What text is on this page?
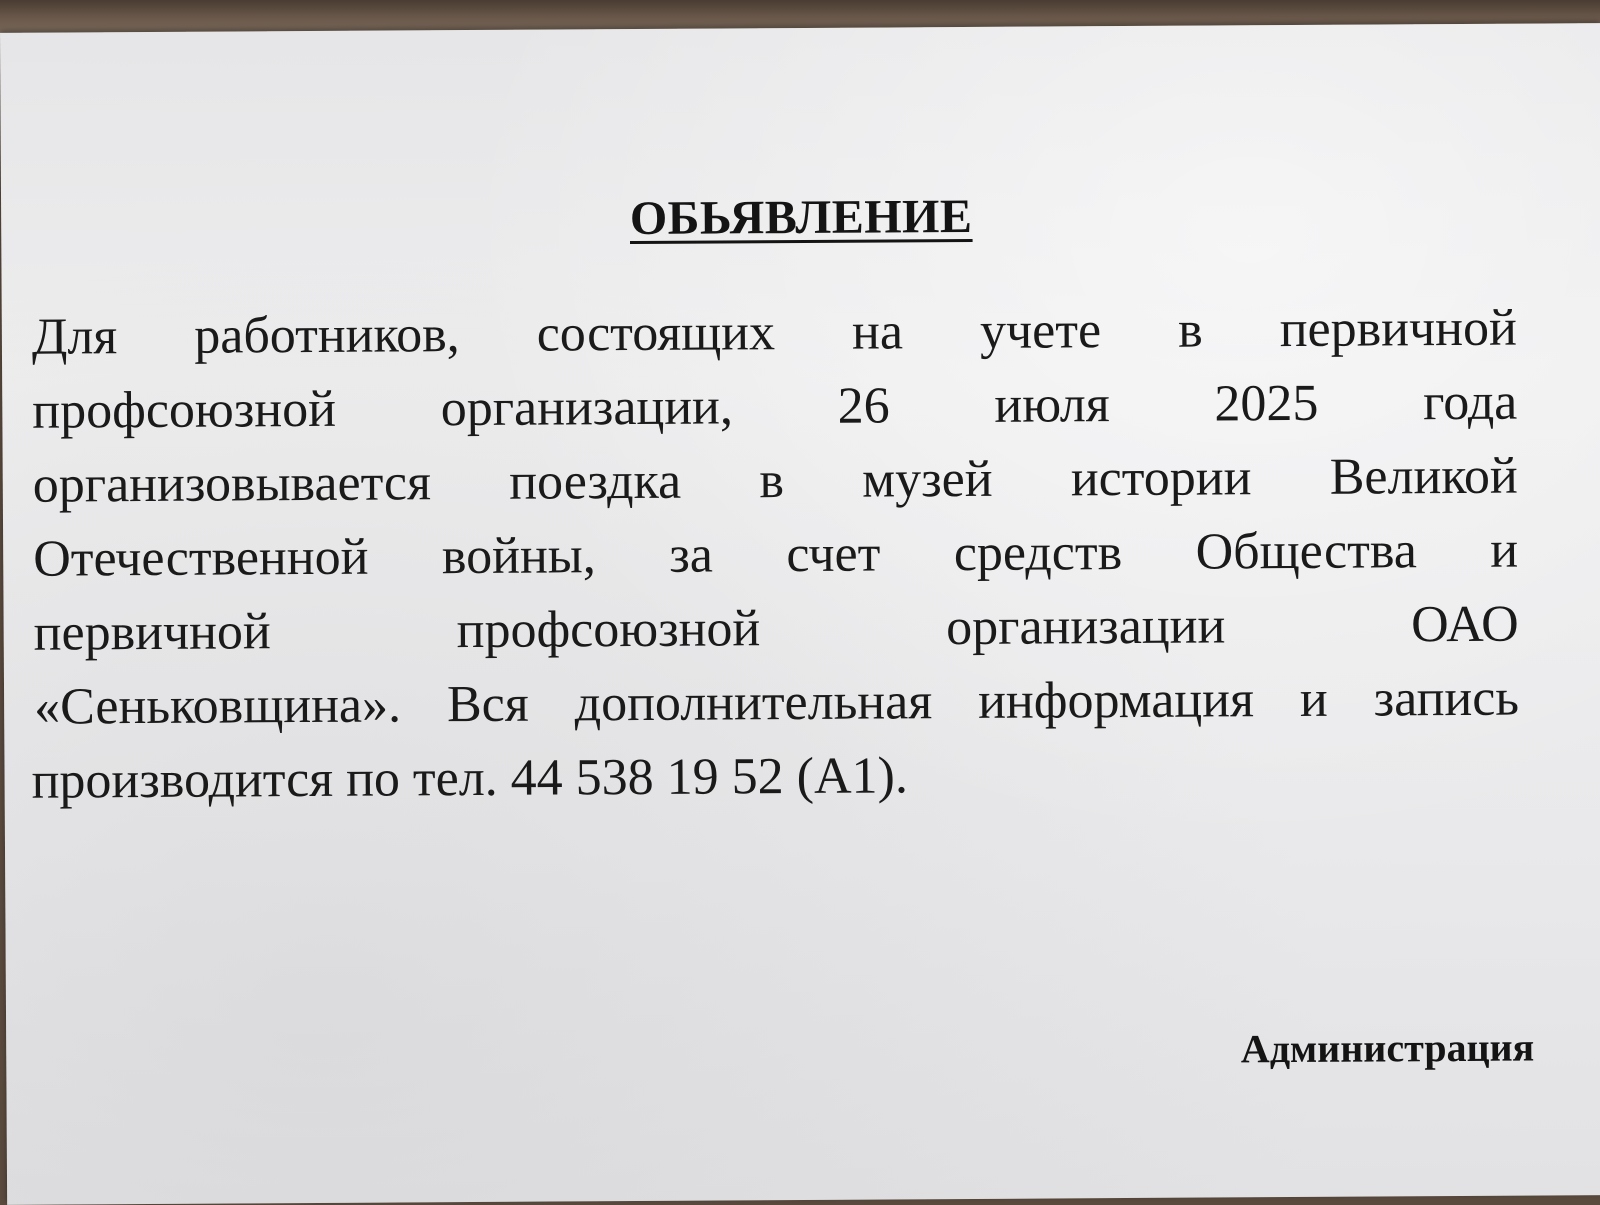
ОБЬЯВЛЕНИЕ
Для работников, состоящих на учете в первичной
профсоюзной организации, 26 июля 2025 года
организовывается поездка в музей истории Великой
Отечественной войны, за счет средств Общества и
первичной	профсоюзной	организации	ОАО
«Сеньковщина». Вся дополнительная информация и запись
производится по тел. 44 538 19 52 (А1).
Администрация
